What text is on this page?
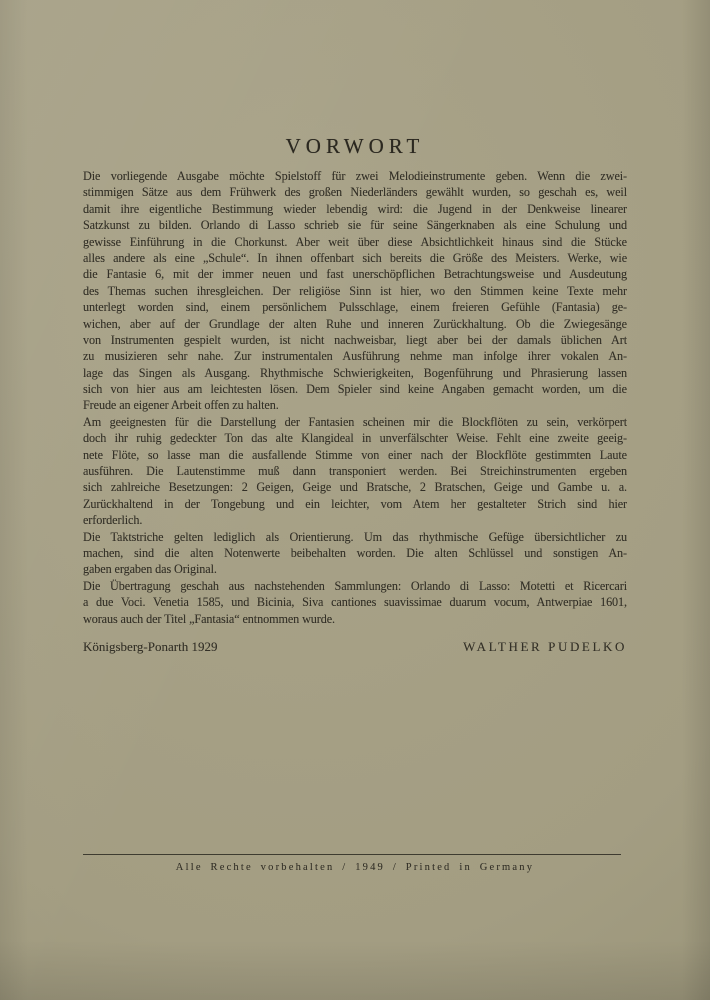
VORWORT
Die vorliegende Ausgabe möchte Spielstoff für zwei Melodieinstrumente geben. Wenn die zwei-
stimmigen Sätze aus dem Frühwerk des großen Niederländers gewählt wurden, so geschah es, weil
damit ihre eigentliche Bestimmung wieder lebendig wird: die Jugend in der Denkweise linearer
Satzkunst zu bilden. Orlando di Lasso schrieb sie für seine Sängerknaben als eine Schulung und
gewisse Einführung in die Chorkunst. Aber weit über diese Absichtlichkeit hinaus sind die Stücke
alles andere als eine „Schule“. In ihnen offenbart sich bereits die Größe des Meisters. Werke, wie
die Fantasie 6, mit der immer neuen und fast unerschöpflichen Betrachtungsweise und Ausdeutung
des Themas suchen ihresgleichen. Der religiöse Sinn ist hier, wo den Stimmen keine Texte mehr
unterlegt worden sind, einem persönlichem Pulsschlage, einem freieren Gefühle (Fantasia) ge-
wichen, aber auf der Grundlage der alten Ruhe und inneren Zurückhaltung. Ob die Zwiegesänge
von Instrumenten gespielt wurden, ist nicht nachweisbar, liegt aber bei der damals üblichen Art
zu musizieren sehr nahe. Zur instrumentalen Ausführung nehme man infolge ihrer vokalen An-
lage das Singen als Ausgang. Rhythmische Schwierigkeiten, Bogenführung und Phrasierung lassen
sich von hier aus am leichtesten lösen. Dem Spieler sind keine Angaben gemacht worden, um die
Freude an eigener Arbeit offen zu halten.
Am geeignesten für die Darstellung der Fantasien scheinen mir die Blockflöten zu sein, verkörpert
doch ihr ruhig gedeckter Ton das alte Klangideal in unverfälschter Weise. Fehlt eine zweite geeig-
nete Flöte, so lasse man die ausfallende Stimme von einer nach der Blockflöte gestimmten Laute
ausführen. Die Lautenstimme muß dann transponiert werden. Bei Streichinstrumenten ergeben
sich zahlreiche Besetzungen: 2 Geigen, Geige und Bratsche, 2 Bratschen, Geige und Gambe u. a.
Zurückhaltend in der Tongebung und ein leichter, vom Atem her gestalteter Strich sind hier
erforderlich.
Die Taktstriche gelten lediglich als Orientierung. Um das rhythmische Gefüge übersichtlicher zu
machen, sind die alten Notenwerte beibehalten worden. Die alten Schlüssel und sonstigen An-
gaben ergaben das Original.
Die Übertragung geschah aus nachstehenden Sammlungen: Orlando di Lasso: Motetti et Ricercari
a due Voci. Venetia 1585, und Bicinia, Siva cantiones suavissimae duarum vocum, Antwerpiae 1601,
woraus auch der Titel „Fantasia“ entnommen wurde.
Königsberg-Ponarth 1929	WALTHER PUDELKO
Alle Rechte vorbehalten / 1949 / Printed in Germany
